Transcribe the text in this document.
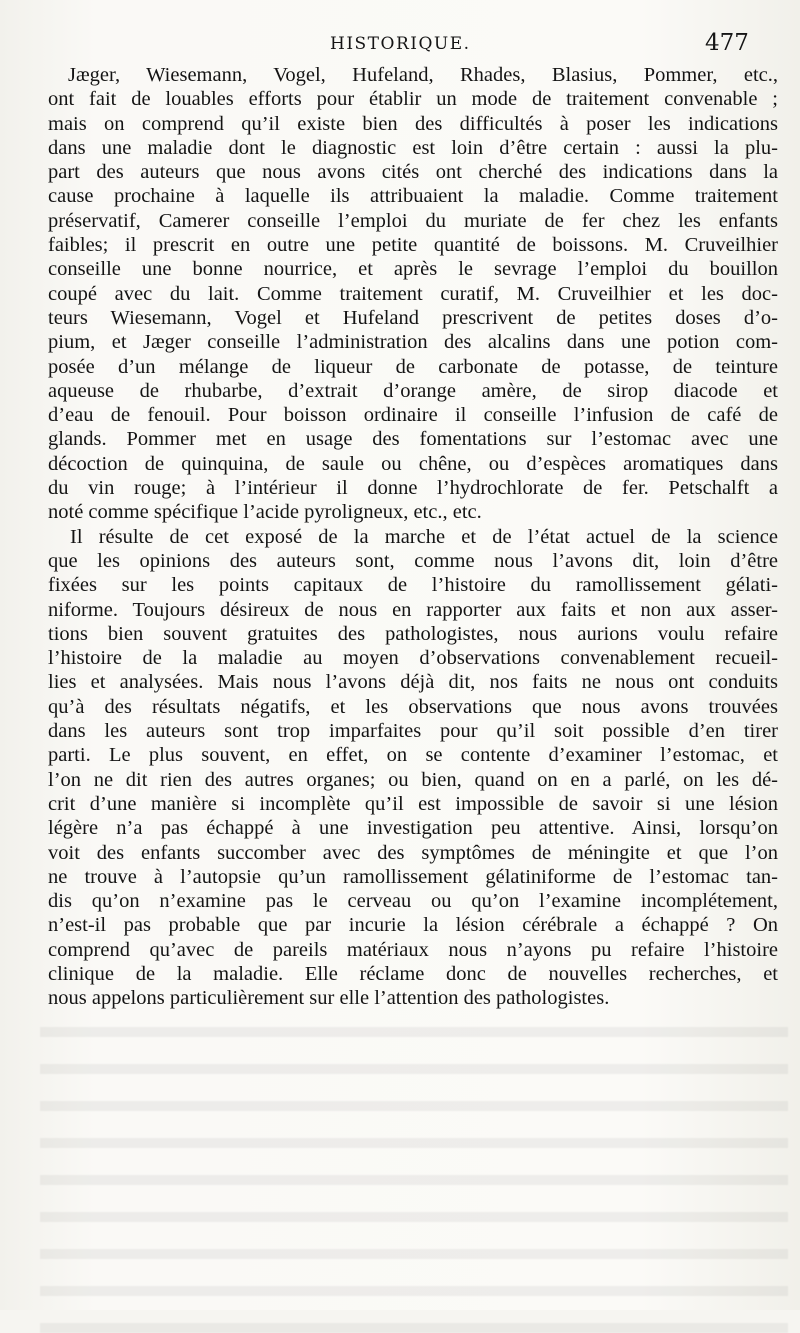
HISTORIQUE.	477

Jæger, Wiesemann, Vogel, Hufeland, Rhades, Blasius, Pommer, etc.,

ont fait de louables efforts pour établir un mode de traitement convenable ;

mais on comprend qu’il existe bien des difficultés à poser les indications

dans une maladie dont le diagnostic est loin d’être certain : aussi la plu-

part des auteurs que nous avons cités ont cherché des indications dans la

cause prochaine à laquelle ils attribuaient la maladie. Comme traitement

préservatif, Camerer conseille l’emploi du muriate de fer chez les enfants

faibles; il prescrit en outre une petite quantité de boissons. M. Cruveilhier

conseille une bonne nourrice, et après le sevrage l’emploi du bouillon

coupé avec du lait. Comme traitement curatif, M. Cruveilhier et les doc-

teurs Wiesemann, Vogel et Hufeland prescrivent de petites doses d’o-

pium, et Jæger conseille l’administration des alcalins dans une potion com-

posée d’un mélange de liqueur de carbonate de potasse, de teinture

aqueuse de rhubarbe, d’extrait d’orange amère, de sirop diacode et

d’eau de fenouil. Pour boisson ordinaire il conseille l’infusion de café de

glands. Pommer met en usage des fomentations sur l’estomac avec une

décoction de quinquina, de saule ou chêne, ou d’espèces aromatiques dans

du vin rouge; à l’intérieur il donne l’hydrochlorate de fer. Petschalft a

noté comme spécifique l’acide pyroligneux, etc., etc.

Il résulte de cet exposé de la marche et de l’état actuel de la science

que les opinions des auteurs sont, comme nous l’avons dit, loin d’être

fixées sur les points capitaux de l’histoire du ramollissement gélati-

niforme. Toujours désireux de nous en rapporter aux faits et non aux asser-

tions bien souvent gratuites des pathologistes, nous aurions voulu refaire

l’histoire de la maladie au moyen d’observations convenablement recueil-

lies et analysées. Mais nous l’avons déjà dit, nos faits ne nous ont conduits

qu’à des résultats négatifs, et les observations que nous avons trouvées

dans les auteurs sont trop imparfaites pour qu’il soit possible d’en tirer

parti. Le plus souvent, en effet, on se contente d’examiner l’estomac, et

l’on ne dit rien des autres organes; ou bien, quand on en a parlé, on les dé-

crit d’une manière si incomplète qu’il est impossible de savoir si une lésion

légère n’a pas échappé à une investigation peu attentive. Ainsi, lorsqu’on

voit des enfants succomber avec des symptômes de méningite et que l’on

ne trouve à l’autopsie qu’un ramollissement gélatiniforme de l’estomac tan-

dis qu’on n’examine pas le cerveau ou qu’on l’examine incomplétement,

n’est-il pas probable que par incurie la lésion cérébrale a échappé ? On

comprend qu’avec de pareils matériaux nous n’ayons pu refaire l’histoire

clinique de la maladie. Elle réclame donc de nouvelles recherches, et

nous appelons particulièrement sur elle l’attention des pathologistes.
